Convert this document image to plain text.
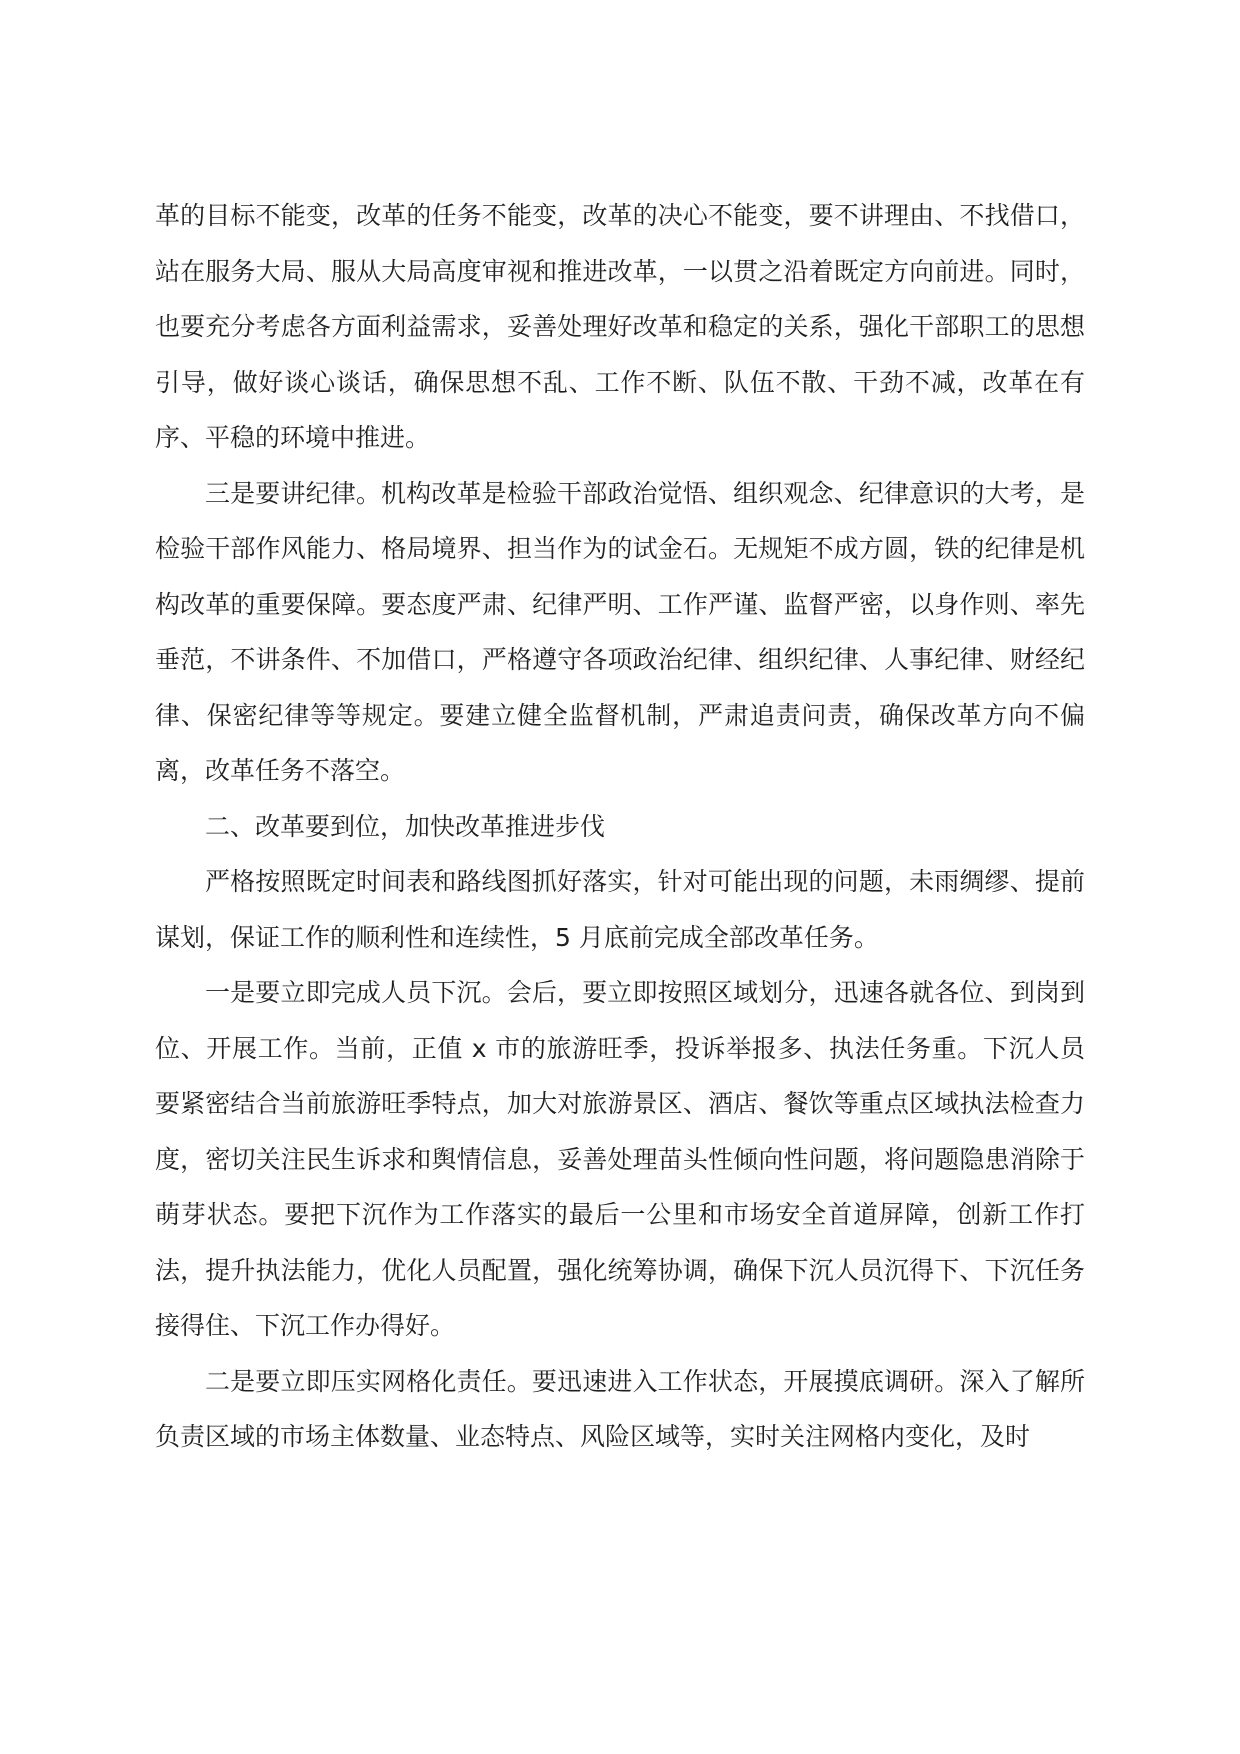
革的目标不能变，改革的任务不能变，改革的决心不能变，要不讲理由、不找借口，站在服务大局、服从大局高度审视和推进改革，一以贯之沿着既定方向前进。同时，也要充分考虑各方面利益需求，妥善处理好改革和稳定的关系，强化干部职工的思想引导，做好谈心谈话，确保思想不乱、工作不断、队伍不散、干劲不减，改革在有序、平稳的环境中推进。

三是要讲纪律。机构改革是检验干部政治觉悟、组织观念、纪律意识的大考，是检验干部作风能力、格局境界、担当作为的试金石。无规矩不成方圆，铁的纪律是机构改革的重要保障。要态度严肃、纪律严明、工作严谨、监督严密，以身作则、率先垂范，不讲条件、不加借口，严格遵守各项政治纪律、组织纪律、人事纪律、财经纪律、保密纪律等等规定。要建立健全监督机制，严肃追责问责，确保改革方向不偏离，改革任务不落空。

二、改革要到位，加快改革推进步伐

严格按照既定时间表和路线图抓好落实，针对可能出现的问题，未雨绸缪、提前谋划，保证工作的顺利性和连续性，5 月底前完成全部改革任务。

一是要立即完成人员下沉。会后，要立即按照区域划分，迅速各就各位、到岗到位、开展工作。当前，正值 x 市的旅游旺季，投诉举报多、执法任务重。下沉人员要紧密结合当前旅游旺季特点，加大对旅游景区、酒店、餐饮等重点区域执法检查力度，密切关注民生诉求和舆情信息，妥善处理苗头性倾向性问题，将问题隐患消除于萌芽状态。要把下沉作为工作落实的最后一公里和市场安全首道屏障，创新工作打法，提升执法能力，优化人员配置，强化统筹协调，确保下沉人员沉得下、下沉任务接得住、下沉工作办得好。

二是要立即压实网格化责任。要迅速进入工作状态，开展摸底调研。深入了解所负责区域的市场主体数量、业态特点、风险区域等，实时关注网格内变化，及时
